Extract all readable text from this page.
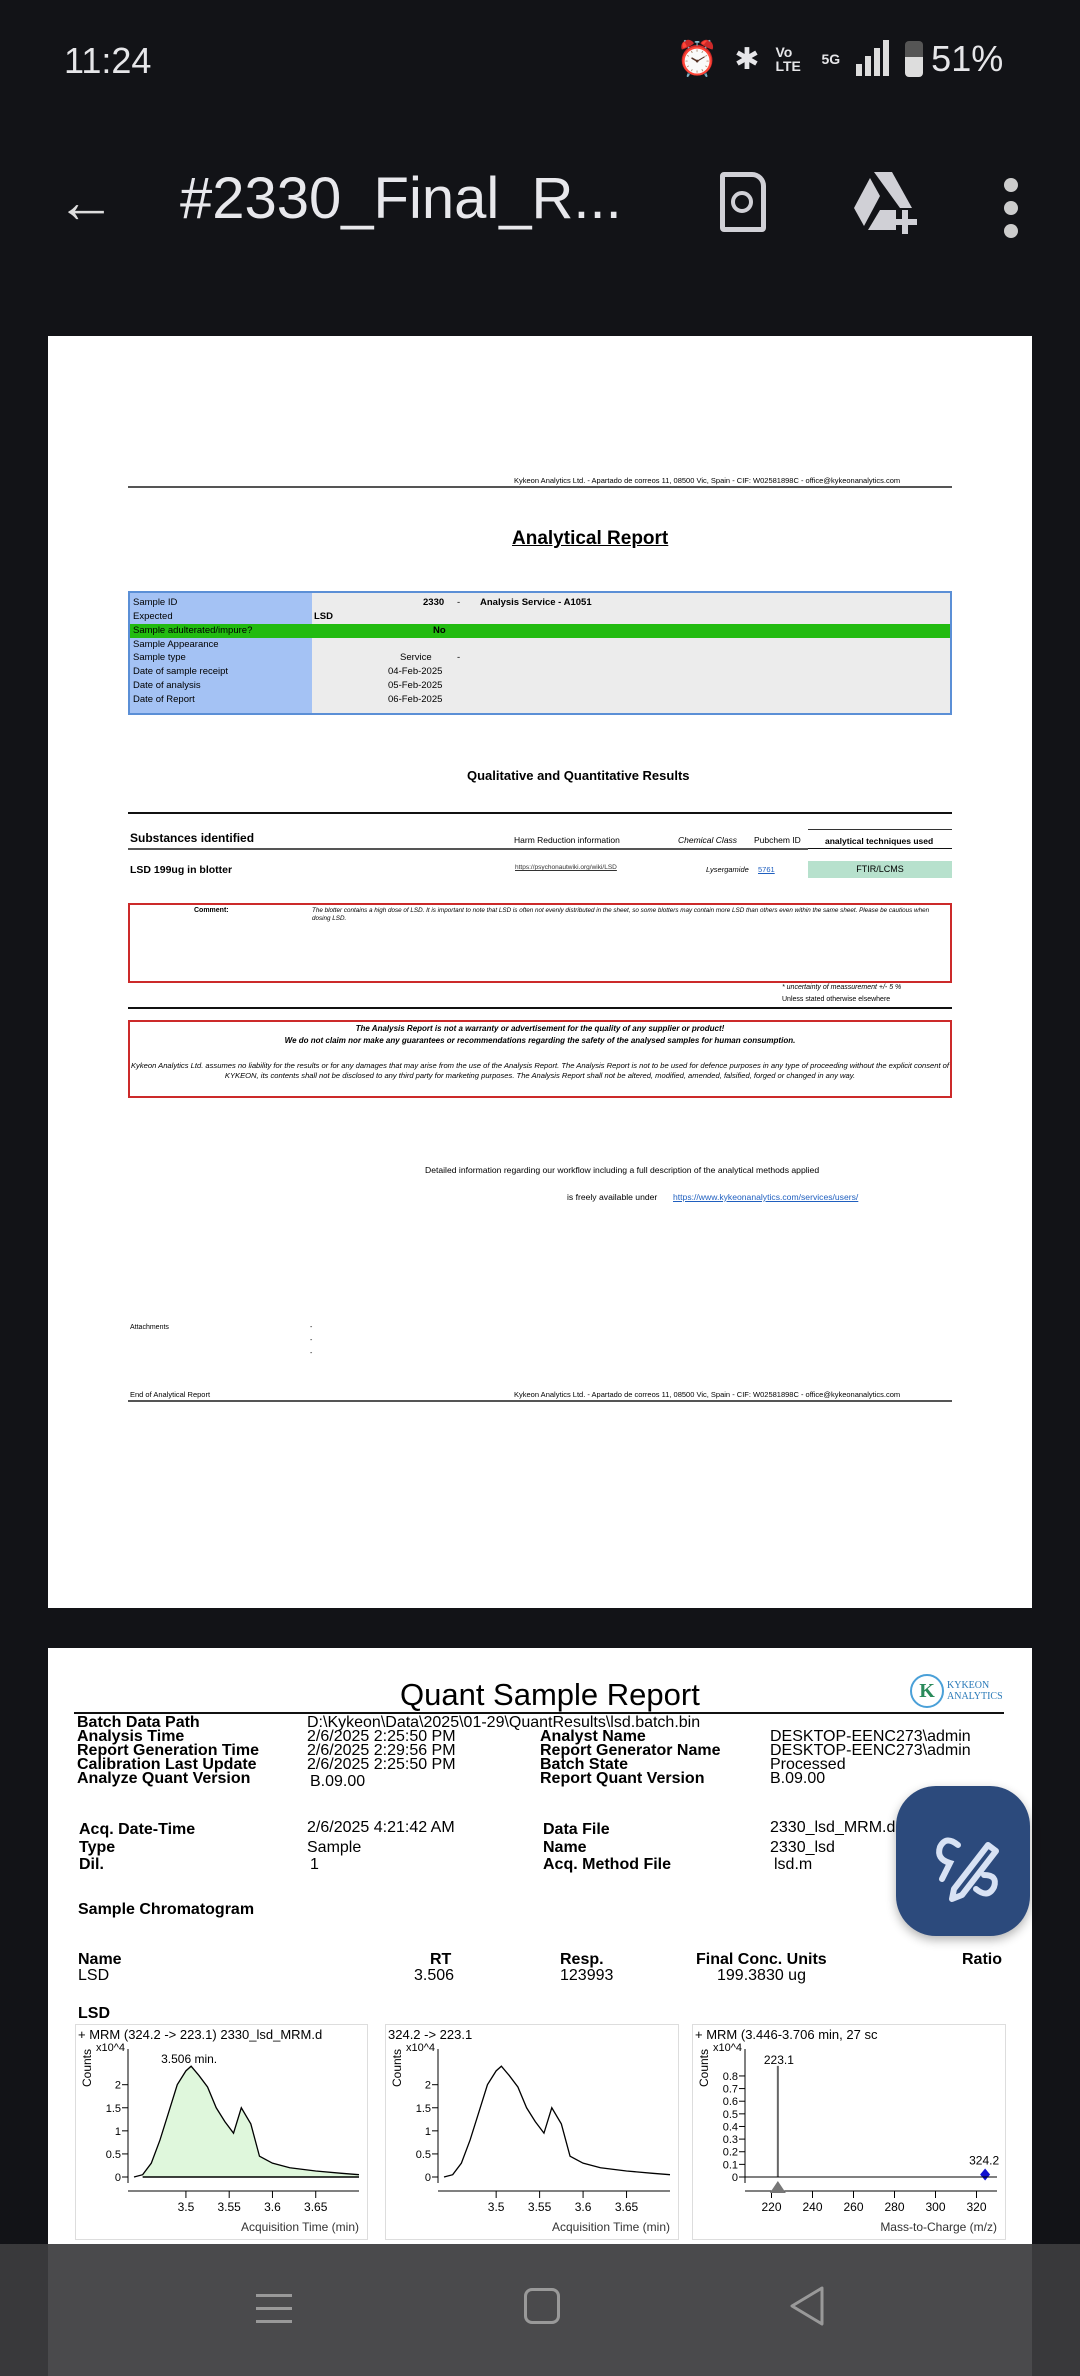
11:24	⏰ ✱ Vo LTE	5G	51%
← #2330_Final_R...
Kykeon Analytics Ltd. - Apartado de correos 11, 08500 Vic, Spain - CIF: W02581898C - office@kykeonanalytics.com
Analytical Report
Sample ID	2330 - Analysis Service - A1051
Expected	LSD
Sample adulterated/impure?	No
Sample Appearance
Sample type	Service	-
Date of sample receipt	04-Feb-2025
Date of analysis	05-Feb-2025
Date of Report	06-Feb-2025
Qualitative and Quantitative Results
Substances identified	Harm Reduction information	Chemical Class Pubchem ID	analytical techniques used
LSD 199ug in blotter	https://psychonautwiki.org/wiki/LSD	Lysergamide 5761	FTIR/LCMS
Comment:	The blotter contains a high dose of LSD. It is important to note that LSD is often not evenly distributed in the sheet, so some blotters may contain more LSD than others even within the same sheet. Please be cautious when dosing LSD.
* uncertainty of meassurement +/- 5 %
Unless stated otherwise elsewhere
The Analysis Report is not a warranty or advertisement for the quality of any supplier or product!
We do not claim nor make any guarantees or recommendations regarding the safety of the analysed samples for human consumption.
Kykeon Analytics Ltd. assumes no liability for the results or for any damages that may arise from the use of the Analysis Report. The Analysis Report is not to be used for defence purposes in any type of proceeding without the explicit consent of KYKEON, its contents shall not be disclosed to any third party for marketing purposes. The Analysis Report shall not be altered, modified, amended, falsified, forged or changed in any way.
Detailed information regarding our workflow including a full description of the analytical methods applied
is freely available under https://www.kykeonanalytics.com/services/users/
Attachments	-
-
-
End of Analytical Report	Kykeon Analytics Ltd. - Apartado de correos 11, 08500 Vic, Spain - CIF: W02581898C - office@kykeonanalytics.com
Quant Sample Report	K	KYKEON ANALYTICS
Batch Data Path	D:\Kykeon\Data\2025\01-29\QuantResults\lsd.batch.bin
Analysis Time	2/6/2025 2:25:50 PM	Analyst Name	DESKTOP-EENC273\admin
Report Generation Time	2/6/2025 2:29:56 PM	Report Generator Name	DESKTOP-EENC273\admin
Calibration Last Update	2/6/2025 2:25:50 PM	Batch State	Processed
Analyze Quant Version	B.09.00	Report Quant Version	B.09.00
Acq. Date-Time	2/6/2025 4:21:42 AM	Data File	2330_lsd_MRM.d
Type	Sample	Name	2330_lsd
Dil.	1	Acq. Method File	lsd.m
Sample Chromatogram
Name	RT	Resp.	Final Conc. Units	Ratio
LSD	3.506	123993	199.3830 ug
LSD
+ MRM (324.2 -> 223.1) 2330_lsd_MRM.d
Counts
x10^4
0
0.5
1
1.5
2
3.5 3.55 3.6 3.65
Acquisition Time (min)
3.506 min.
324.2 -> 223.1
Counts
x10^4
0
0.5
1
1.5
2
3.5 3.55 3.6 3.65
Acquisition Time (min)
+ MRM (3.446-3.706 min, 27 sc
Counts
x10^4
0
0.1
0.2
0.3
0.4
0.5
0.6
0.7
0.8
220 240 260 280 300 320
Mass-to-Charge (m/z)
223.1
324.2
